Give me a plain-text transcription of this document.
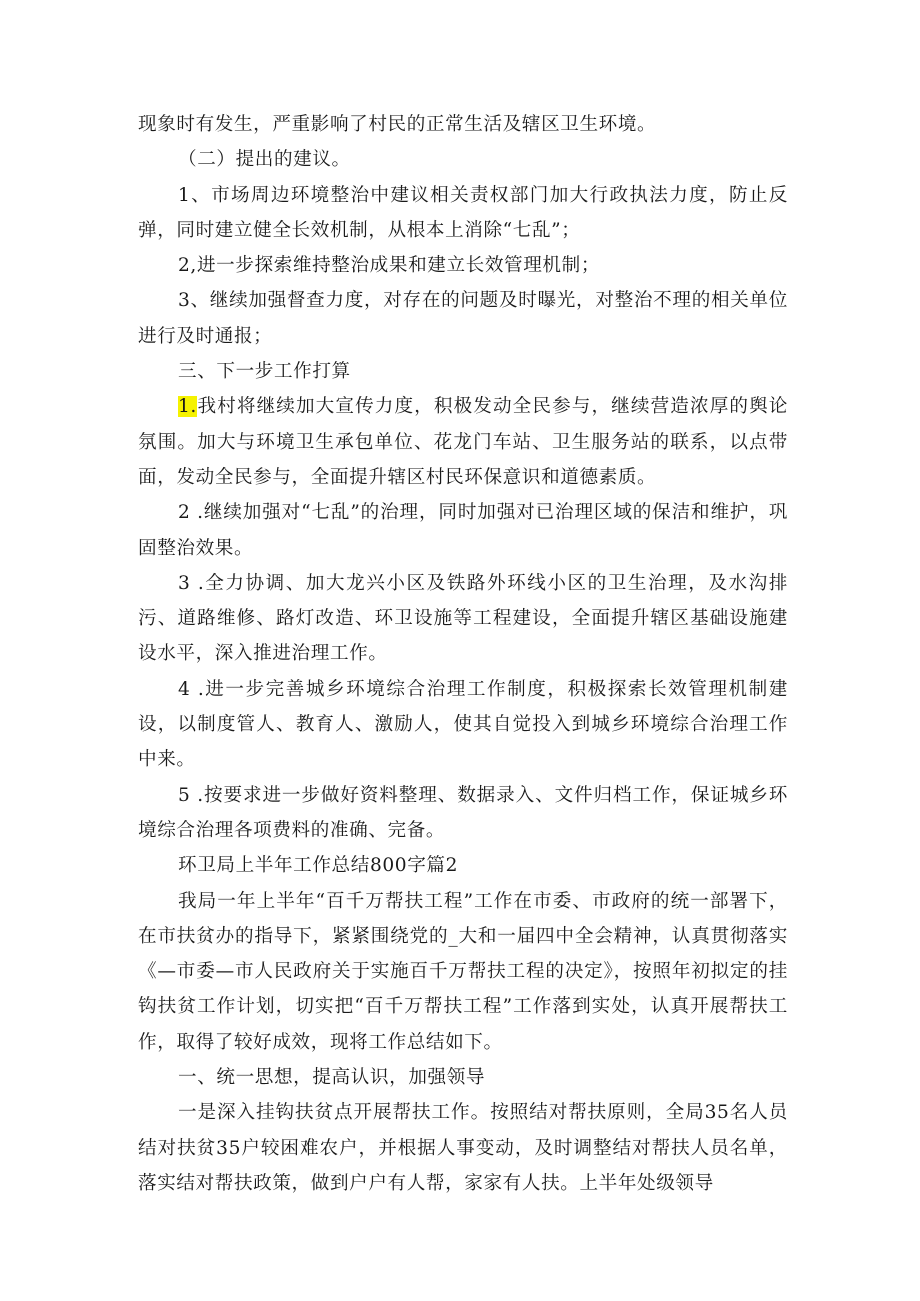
现象时有发生，严重影响了村民的正常生活及辖区卫生环境。

（二）提出的建议。

1、市场周边环境整治中建议相关责权部门加大行政执法力度，防止反弹，同时建立健全长效机制，从根本上消除“七乱”；

2,进一步探索维持整治成果和建立长效管理机制；

3、继续加强督查力度，对存在的问题及时曝光，对整治不理的相关单位进行及时通报；

三、下一步工作打算

1.我村将继续加大宣传力度，积极发动全民参与，继续营造浓厚的舆论氛围。加大与环境卫生承包单位、花龙门车站、卫生服务站的联系，以点带面，发动全民参与，全面提升辖区村民环保意识和道德素质。

2 .继续加强对“七乱”的治理，同时加强对已治理区域的保洁和维护，巩固整治效果。

3 .全力协调、加大龙兴小区及铁路外环线小区的卫生治理，及水沟排污、道路维修、路灯改造、环卫设施等工程建设，全面提升辖区基础设施建设水平，深入推进治理工作。

4 .进一步完善城乡环境综合治理工作制度，积极探索长效管理机制建设，以制度管人、教育人、激励人，使其自觉投入到城乡环境综合治理工作中来。

5 .按要求进一步做好资料整理、数据录入、文件归档工作，保证城乡环境综合治理各项费料的准确、完备。

环卫局上半年工作总结800字篇2

我局一年上半年“百千万帮扶工程”工作在市委、市政府的统一部署下，在市扶贫办的指导下，紧紧围绕党的_大和一届四中全会精神，认真贯彻落实《—市委—市人民政府关于实施百千万帮扶工程的决定》，按照年初拟定的挂钩扶贫工作计划，切实把“百千万帮扶工程”工作落到实处，认真开展帮扶工作，取得了较好成效，现将工作总结如下。

一、统一思想，提高认识，加强领导

一是深入挂钩扶贫点开展帮扶工作。按照结对帮扶原则，全局35名人员结对扶贫35户较困难农户，并根据人事变动，及时调整结对帮扶人员名单，落实结对帮扶政策，做到户户有人帮，家家有人扶。上半年处级领导
